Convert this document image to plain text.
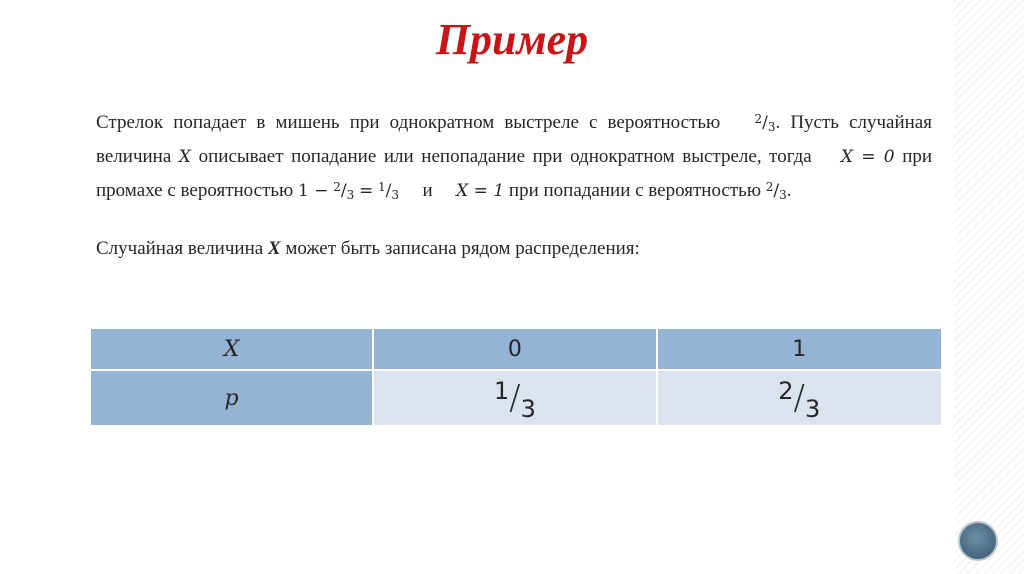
Пример
Стрелок попадает в мишень при однократном выстреле с вероятностью	$^2/_3$. Пусть случайная величина X описывает попадание или непопадание при однократном выстреле, тогда X = 0 при промахе с вероятностью $1 - ^2/_3 = ^1/_3$ и X = 1 при попадании с вероятностью $^2/_3$.
Случайная величина X может быть записана рядом распределения:
X	0	1
p	1/3	2/3
